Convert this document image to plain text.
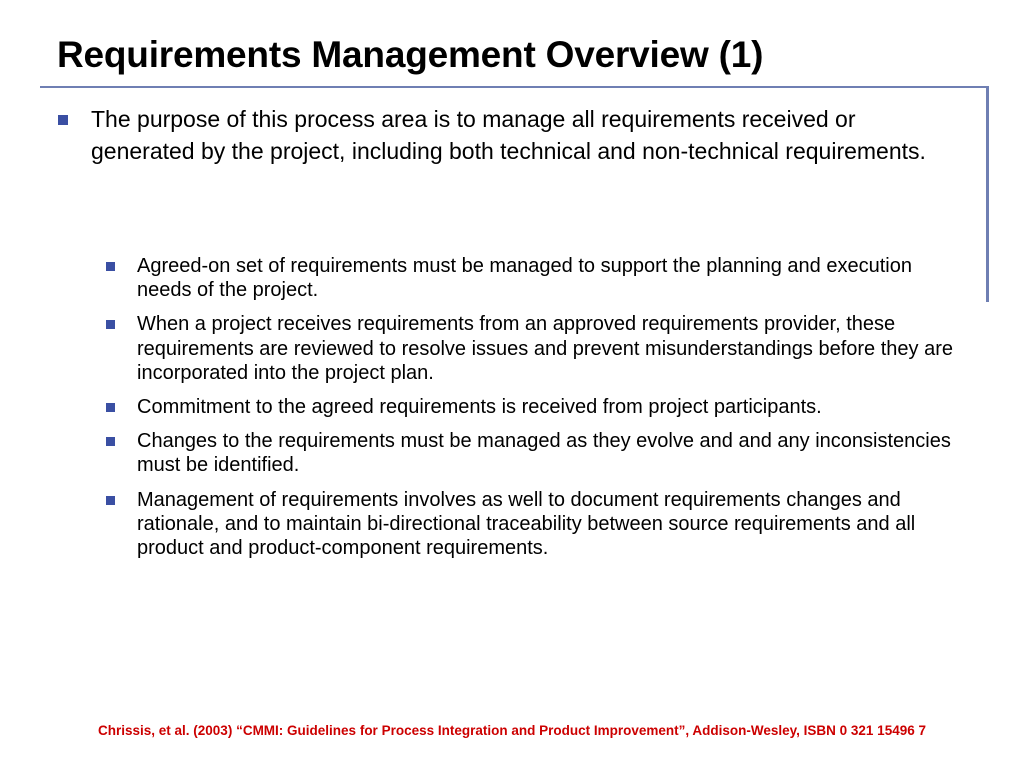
Requirements Management Overview (1)
The purpose of this process area is to manage all requirements received or generated by the project, including both technical and non-technical requirements.
Agreed-on set of requirements must be managed to support the planning and execution needs of the project.
When a project receives requirements from an approved requirements provider, these requirements are reviewed to resolve issues and prevent misunderstandings before they are incorporated into the project plan.
Commitment to the agreed requirements is received from project participants.
Changes to the requirements must be managed as they evolve and and any inconsistencies must be identified.
Management of requirements involves as well to document requirements changes and rationale, and to maintain bi-directional traceability between source requirements and all product and product-component requirements.
Chrissis, et al. (2003) “CMMI: Guidelines for Process Integration and Product Improvement”, Addison-Wesley, ISBN 0 321 15496 7
